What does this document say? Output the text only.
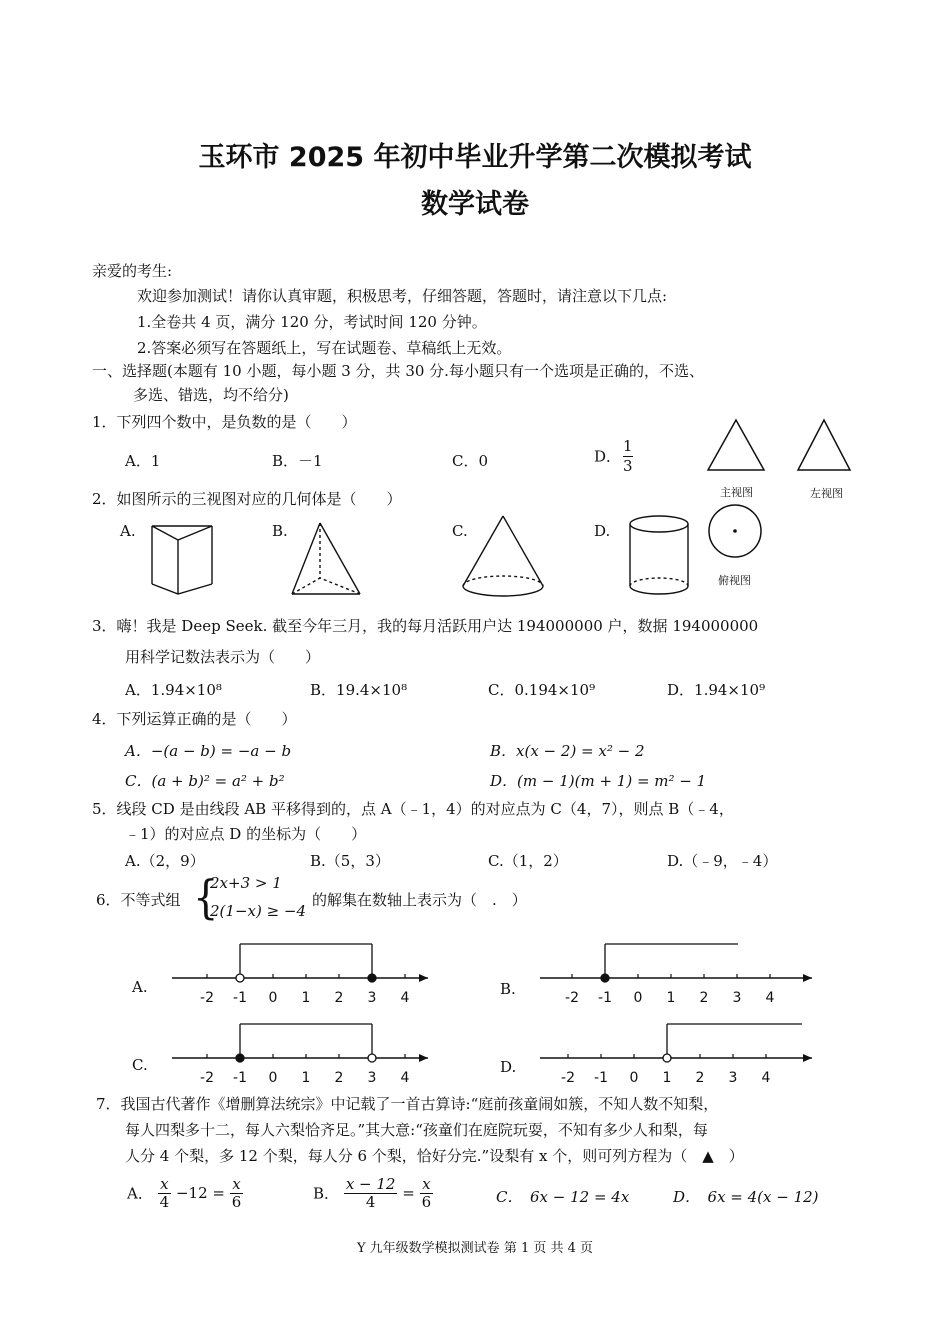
玉环市 2025 年初中毕业升学第二次模拟考试
数学试卷
亲爱的考生:
欢迎参加测试！请你认真审题，积极思考，仔细答题，答题时，请注意以下几点:
1.全卷共 4 页，满分 120 分，考试时间 120 分钟。
2.答案必须写在答题纸上，写在试题卷、草稿纸上无效。
一、选择题(本题有 10 小题，每小题 3 分，共 30 分.每小题只有一个选项是正确的，不选、
多选、错选，均不给分)
1．下列四个数中，是负数的是（　　）
A．1	B．－1	C．0	D． $\frac{1}{3}$
主视图	左视图
俯视图
2．如图所示的三视图对应的几何体是（　　）
A.	B.	C.	D.
3．嗨！我是 Deep Seek. 截至今年三月，我的每月活跃用户达 194000000 户，数据 194000000
用科学记数法表示为（　　）
A．1.94×10⁸	B．19.4×10⁸	C．0.194×10⁹	D．1.94×10⁹
4．下列运算正确的是（　　）
A．−(a − b) = −a − b	B．x(x − 2) = x² − 2
C．(a + b)² = a² + b²	D．(m − 1)(m + 1) = m² − 1
5．线段 CD 是由线段 AB 平移得到的，点 A（﹣1，4）的对应点为 C（4，7），则点 B（﹣4，
﹣1）的对应点 D 的坐标为（　　）
A.（2，9）	B.（5，3）	C.（1，2）	D.（﹣9，﹣4）
6．不等式组 {
2x+3 > 1
2(1−x) ≥ −4
的解集在数轴上表示为（　.　）
A.	B.
C.	D.
-2 -1 0 1 2 3 4	-2 -1 0 1 2 3 4
-2 -1 0 1 2 3 4	-2 -1 0 1 2 3 4
7．我国古代著作《增删算法统宗》中记载了一首古算诗:“庭前孩童闹如簇，不知人数不知梨，
每人四梨多十二，每人六梨恰齐足。”其大意:“孩童们在庭院玩耍，不知有多少人和梨，每
人分 4 个梨，多 12 个梨，每人分 6 个梨，恰好分完.”设梨有 x 个，则可列方程为（　▲　）
A． $\frac{x}{4} -12 = \frac{x}{6}$	B． $\frac{x - 12}{4} = \frac{x}{6}$	C．　6x − 12 = 4x	D．　6x = 4(x − 12)
Y 九年级数学模拟测试卷 第 1 页 共 4 页
